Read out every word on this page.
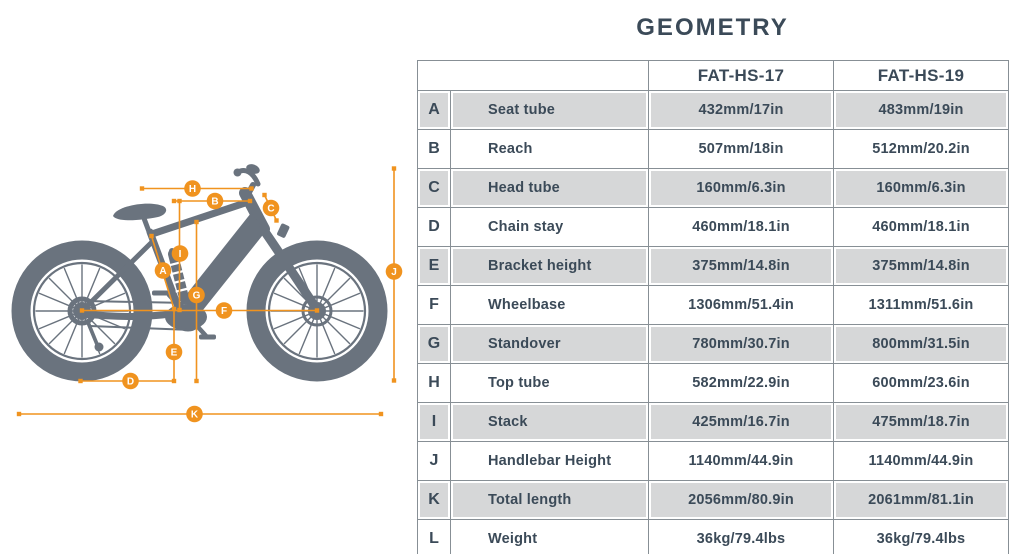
A
B
C
D
E
F
G
H
I
J
K
GEOMETRY
		FAT-HS-17	FAT-HS-19
A	Seat tube	432mm/17in	483mm/19in
B	Reach	507mm/18in	512mm/20.2in
C	Head tube	160mm/6.3in	160mm/6.3in
D	Chain stay	460mm/18.1in	460mm/18.1in
E	Bracket height	375mm/14.8in	375mm/14.8in
F	Wheelbase	1306mm/51.4in	1311mm/51.6in
G	Standover	780mm/30.7in	800mm/31.5in
H	Top tube	582mm/22.9in	600mm/23.6in
I	Stack	425mm/16.7in	475mm/18.7in
J	Handlebar Height	1140mm/44.9in	1140mm/44.9in
K	Total length	2056mm/80.9in	2061mm/81.1in
L	Weight	36kg/79.4lbs	36kg/79.4lbs
